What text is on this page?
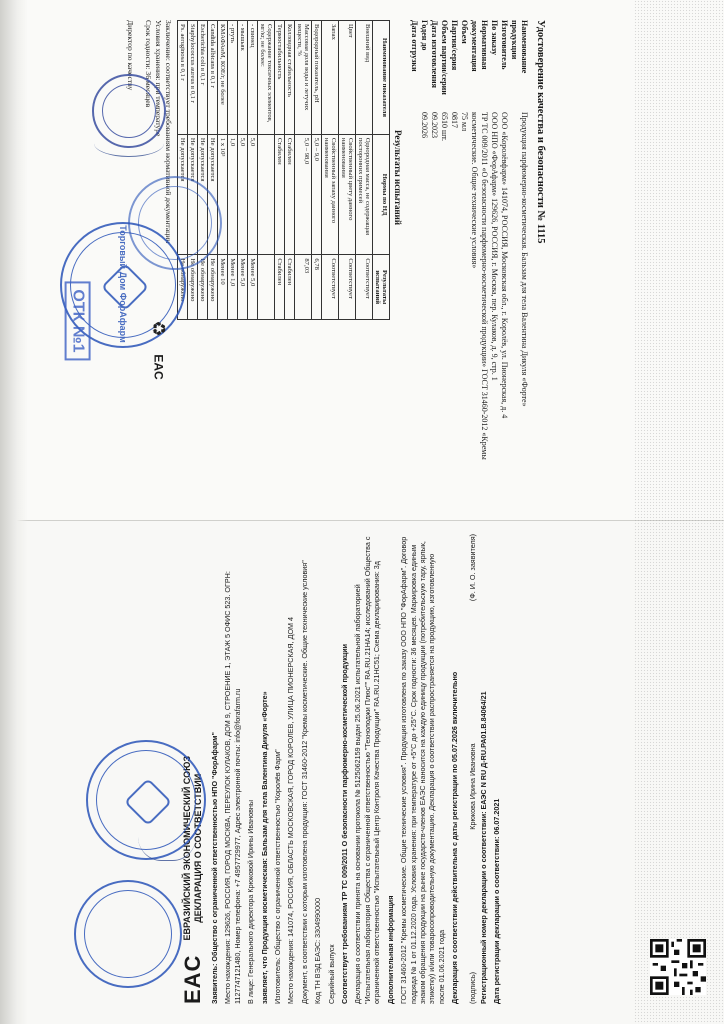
Удостоверение качества и безопасности № 1115
Наименование продукции
Продукция парфюмерно-косметическая. Бальзам для тела Валентина Дикуля «Форте»
Изготовитель
ООО «Королёвфарм» 141074, РОССИЯ, Московская обл., г. Королёв, ул. Пионерская, д. 4
По заказу
ООО НПО «ФорАфарм» 129626, РОССИЯ, г. Москва, пер. Кулаков, д. 9, стр. 1
Нормативная документация
ТР ТС 009/2011 «О безопасности парфюмерно-косметической продукции» ГОСТ 31460-2012 «Кремы косметические. Общие технические условия»
Объем
75 мл
Партия/серия
0817
Объем партии/серии
6510 шт.
Дата изготовления
09.2023
Годен до
09.2026
Дата отгрузки
Результаты испытаний
Наименование показателя	Нормы по НД	Результаты испытаний
Внешний вид	Однородная масса, не содержащая посторонних примесей	Соответствует
Цвет	Свойственный цвету данного наименования	Соответствует
Запах	Свойственный запаху данного наименования	Соответствует
Водородный показатель, pH	5,0 – 9,0	6,78
Массовая доля воды и летучих веществ, %	5,0 – 98,0	87,03
Коллоидная стабильность	Стабилен	Стабилен
Термостабильность	Стабилен	Стабилен
Содержание токсичных элементов, мг/кг, не более:		
- свинец	5,0	Менее 5,0
- мышьяк	5,0	Менее 5,0
- ртуть	1,0	Менее 1,0
КМАФАнМ, КОЕ/г, не более	1 х 10³	Менее 10
Candida albicans в 0,1 г	Не допускается	Не обнаружено
Escherichia coli в 0,1 г	Не допускается	Не обнаружено
Staphylococcus aureus в 0,1 г	Не допускается	Не обнаружено
Ps. aeruginosa в 0,1 г	Не допускается	Не обнаружено
Заключение: соответствует требованиям нормативной документации
Условия хранения: при температуре
Срок годности: 36 месяцев
Директор по качеству
EAC
ЕВРАЗИЙСКИЙ ЭКОНОМИЧЕСКИЙ СОЮЗ ДЕКЛАРАЦИЯ О СООТВЕТСТВИИ Заявитель: Общество с ограниченной ответственностью НПО "ФорАфарм" Место нахождения: 129626, РОССИЯ, ГОРОД МОСКВА, ПЕРЕУЛОК КУЛАКОВ, ДОМ 9, СТРОЕНИЕ 1, ЭТАЖ 5 ОФИС 523. ОГРН: 1127747121480, Номер телефона: +7 4957729977, Адрес электронной почты: info@forafarm.ru В лице: Генерального директора Крюковой Ирины Ивановны заявляет, что Продукция косметическая: Бальзам для тела Валентина Дикуля «Форте» Изготовитель: Общество с ограниченной ответственностью "Королёв Фарм" Место нахождения: 141074, РОССИЯ, ОБЛАСТЬ МОСКОВСКАЯ, ГОРОД КОРОЛЕВ, УЛИЦА ПИОНЕРСКАЯ, ДОМ 4 Документ, в соответствии с которым изготовлена продукция: ГОСТ 31460-2012 "Кремы косметические. Общие технические условия" Код ТН ВЭД ЕАЭС: 3304990000 Серийный выпуск Соответствует требованиям ТР ТС 009/2011 О безопасности парфюмерно-косметической продукции Декларация о соответствии принята на основании протокола № 5125062159 выдан 25.06.2021 испытательной лабораторией "Испытательная лаборатория Общества с ограниченной ответственностью "Технолоджи Плюс"" RA.RU.21HA14; исследований Общества с ограниченной ответственностью "Испытательный Центр Контроля Качества Продукции" RA.RU.21НС51; Схема декларирования: 3д Дополнительная информация ГОСТ 31460-2012 "Кремы косметические. Общие технические условия". Продукция изготовлена по заказу ООО НПО "ФорАфарм". Договор подряда № 1 от 01.12.2020 года. Условия хранения: при температуре от +5°С до +25°С. Срок годности: 36 месяцев. Маркировка единым знаком обращения продукции на рынке государств-членов ЕАЭС наносится на каждую единицу продукции (потребительскую тару, ярлык, этикетку) и/или товаросопроводительную документацию. Декларация о соответствии распространяется на продукцию, изготовленную после 01.06.2021 года Декларация о соответствии действительна с даты регистрации по 05.07.2026 включительно (подпись)
Крюкова Ирина Ивановна
(Ф. И. О. заявителя)

Регистрационный номер декларации о соответствии: ЕАЭС N RU Д-RU.РА01.В.84064/21 Дата регистрации декларации о соответствии: 06.07.2021

Торговый Дом ФорАфарм
ОТК №1	♻
EAC
